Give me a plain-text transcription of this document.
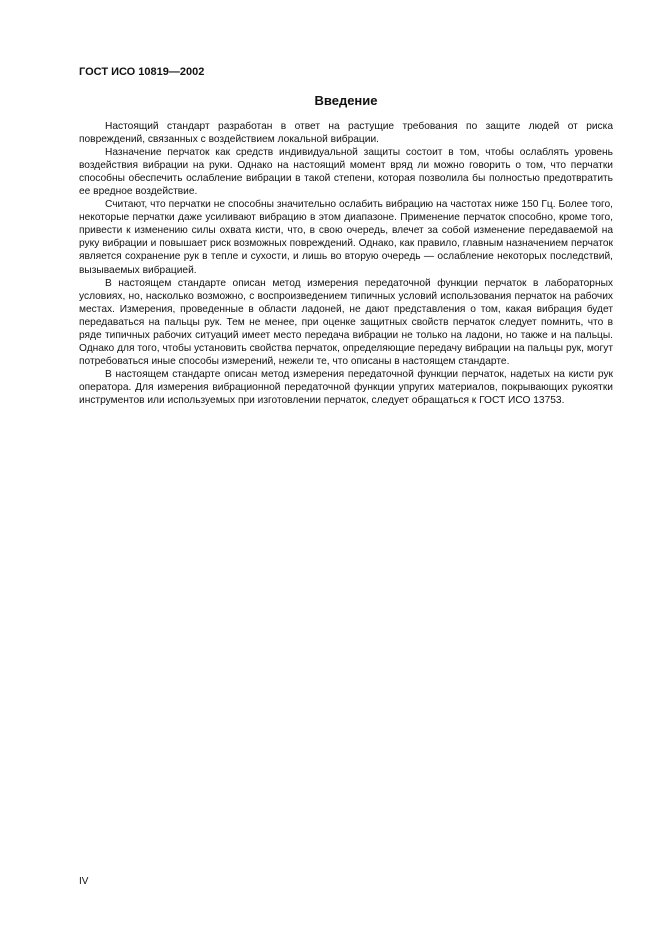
ГОСТ ИСО 10819—2002
Введение

Настоящий стандарт разработан в ответ на растущие требования по защите людей от риска повреждений, связанных с воздействием локальной вибрации.

Назначение перчаток как средств индивидуальной защиты состоит в том, чтобы ослаблять уровень воздействия вибрации на руки. Однако на настоящий момент вряд ли можно говорить о том, что перчатки способны обеспечить ослабление вибрации в такой степени, которая позволила бы полностью предотвратить ее вредное воздействие.

Считают, что перчатки не способны значительно ослабить вибрацию на частотах ниже 150 Гц. Более того, некоторые перчатки даже усиливают вибрацию в этом диапазоне. Применение перчаток способно, кроме того, привести к изменению силы охвата кисти, что, в свою очередь, влечет за собой изменение передаваемой на руку вибрации и повышает риск возможных повреждений. Однако, как правило, главным назначением перчаток является сохранение рук в тепле и сухости, и лишь во вторую очередь — ослабление некоторых последствий, вызываемых вибрацией.

В настоящем стандарте описан метод измерения передаточной функции перчаток в лабораторных условиях, но, насколько возможно, с воспроизведением типичных условий использования перчаток на рабочих местах. Измерения, проведенные в области ладоней, не дают представления о том, какая вибрация будет передаваться на пальцы рук. Тем не менее, при оценке защитных свойств перчаток следует помнить, что в ряде типичных рабочих ситуаций имеет место передача вибрации не только на ладони, но также и на пальцы. Однако для того, чтобы установить свойства перчаток, определяющие передачу вибрации на пальцы рук, могут потребоваться иные способы измерений, нежели те, что описаны в настоящем стандарте.

В настоящем стандарте описан метод измерения передаточной функции перчаток, надетых на кисти рук оператора. Для измерения вибрационной передаточной функции упругих материалов, покрывающих рукоятки инструментов или используемых при изготовлении перчаток, следует обращаться к ГОСТ ИСО 13753.

IV
